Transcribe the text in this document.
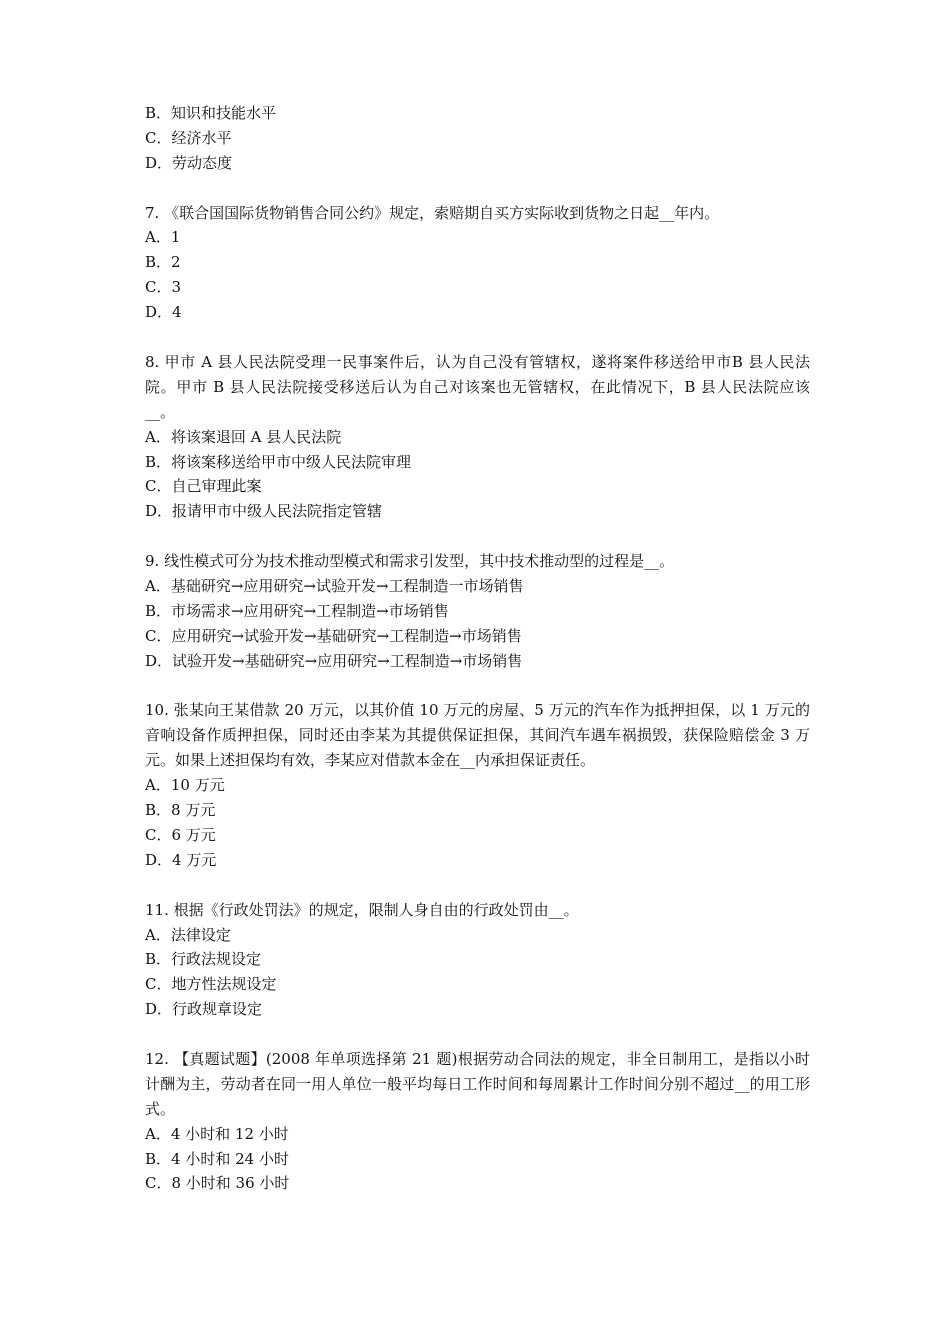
B．知识和技能水平
C．经济水平
D．劳动态度
7. 《联合国国际货物销售合同公约》规定，索赔期自买方实际收到货物之日起__年内。
A．1
B．2
C．3
D．4
8. 甲市 A 县人民法院受理一民事案件后，认为自己没有管辖权，遂将案件移送给甲市B 县人民法院。甲市 B 县人民法院接受移送后认为自己对该案也无管辖权，在此情况下，B 县人民法院应该__。
A．将该案退回 A 县人民法院
B．将该案移送给甲市中级人民法院审理
C．自己审理此案
D．报请甲市中级人民法院指定管辖
9. 线性模式可分为技术推动型模式和需求引发型，其中技术推动型的过程是__。
A．基础研究→应用研究→试验开发→工程制造一市场销售
B．市场需求→应用研究→工程制造→市场销售
C．应用研究→试验开发→基础研究→工程制造→市场销售
D．试验开发→基础研究→应用研究→工程制造→市场销售
10. 张某向王某借款 20 万元，以其价值 10 万元的房屋、5 万元的汽车作为抵押担保，以 1 万元的音响设备作质押担保，同时还由李某为其提供保证担保，其间汽车遇车祸损毁，获保险赔偿金 3 万元。如果上述担保均有效，李某应对借款本金在__内承担保证责任。
A．10 万元
B．8 万元
C．6 万元
D．4 万元
11. 根据《行政处罚法》的规定，限制人身自由的行政处罚由__。
A．法律设定
B．行政法规设定
C．地方性法规设定
D．行政规章设定
12. 【真题试题】(2008 年单项选择第 21 题)根据劳动合同法的规定，非全日制用工，是指以小时计酬为主，劳动者在同一用人单位一般平均每日工作时间和每周累计工作时间分别不超过__的用工形式。
A．4 小时和 12 小时
B．4 小时和 24 小时
C．8 小时和 36 小时
